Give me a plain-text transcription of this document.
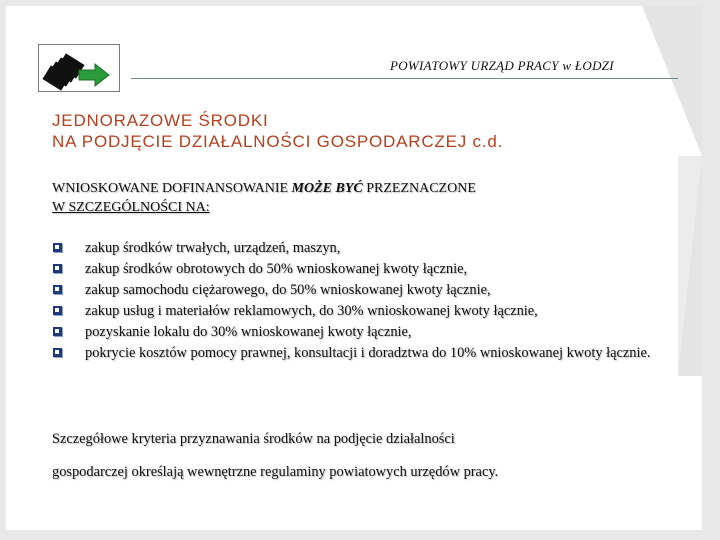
POWIATOWY URZĄD PRACY w ŁODZI
JEDNORAZOWE ŚRODKI
NA PODJĘCIE DZIAŁALNOŚCI GOSPODARCZEJ c.d.
WNIOSKOWANE DOFINANSOWANIE MOŻE BYĆ PRZEZNACZONE
W SZCZEGÓLNOŚCI NA:
zakup środków trwałych, urządzeń, maszyn,
zakup środków obrotowych do 50% wnioskowanej kwoty łącznie,
zakup samochodu ciężarowego, do 50% wnioskowanej kwoty łącznie,
zakup usług i materiałów reklamowych, do 30% wnioskowanej kwoty łącznie,
pozyskanie lokalu do 30% wnioskowanej kwoty łącznie,
pokrycie kosztów pomocy prawnej, konsultacji i doradztwa do 10% wnioskowanej kwoty łącznie.
Szczegółowe kryteria przyznawania środków na podjęcie działalności
gospodarczej określają wewnętrzne regulaminy powiatowych urzędów pracy.
